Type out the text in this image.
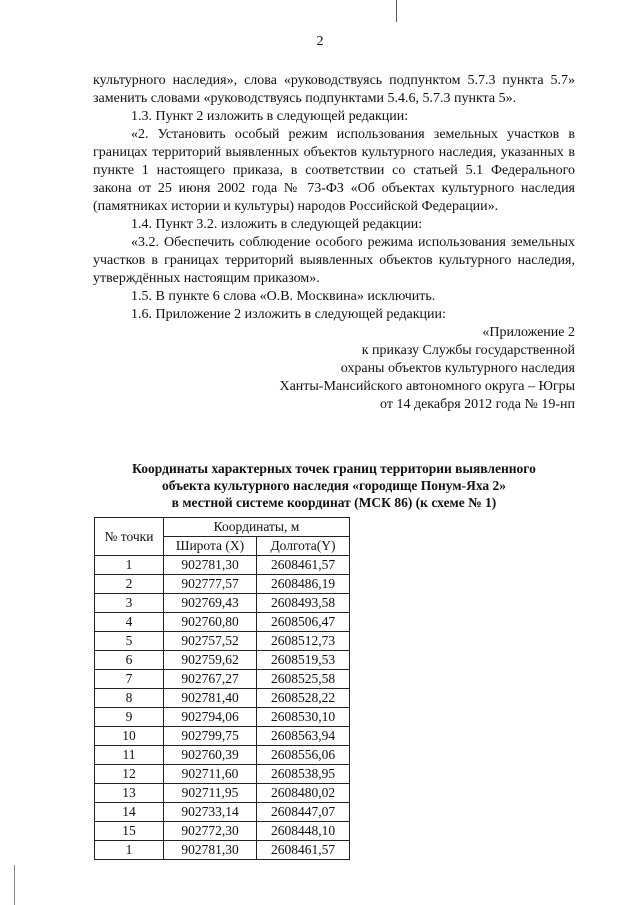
2

культурного наследия», слова «руководствуясь подпунктом 5.7.3 пункта 5.7» заменить словами «руководствуясь подпунктами 5.4.6, 5.7.3 пункта 5».

1.3. Пункт 2 изложить в следующей редакции:

«2. Установить особый режим использования земельных участков в границах территорий выявленных объектов культурного наследия, указанных в пункте 1 настоящего приказа, в соответствии со статьей 5.1 Федерального закона от 25 июня 2002 года № 73-ФЗ «Об объектах культурного наследия (памятниках истории и культуры) народов Российской Федерации».

1.4. Пункт 3.2. изложить в следующей редакции:

«3.2. Обеспечить соблюдение особого режима использования земельных участков в границах территорий выявленных объектов культурного наследия, утверждённых настоящим приказом».

1.5. В пункте 6 слова «О.В. Москвина» исключить.

1.6. Приложение 2 изложить в следующей редакции:

«Приложение 2

к приказу Службы государственной

охраны объектов культурного наследия

Ханты-Мансийского автономного округа – Югры

от 14 декабря 2012 года № 19-нп

Координаты характерных точек границ территории выявленного
объекта культурного наследия «городище Понум-Яха 2»
в местной системе координат (МСК 86) (к схеме № 1)
№ точки	Координаты, м	
	Широта (X)	Долгота(Y)
1	902781,30	2608461,57
2	902777,57	2608486,19
3	902769,43	2608493,58
4	902760,80	2608506,47
5	902757,52	2608512,73
6	902759,62	2608519,53
7	902767,27	2608525,58
8	902781,40	2608528,22
9	902794,06	2608530,10
10	902799,75	2608563,94
11	902760,39	2608556,06
12	902711,60	2608538,95
13	902711,95	2608480,02
14	902733,14	2608447,07
15	902772,30	2608448,10
1	902781,30	2608461,57
